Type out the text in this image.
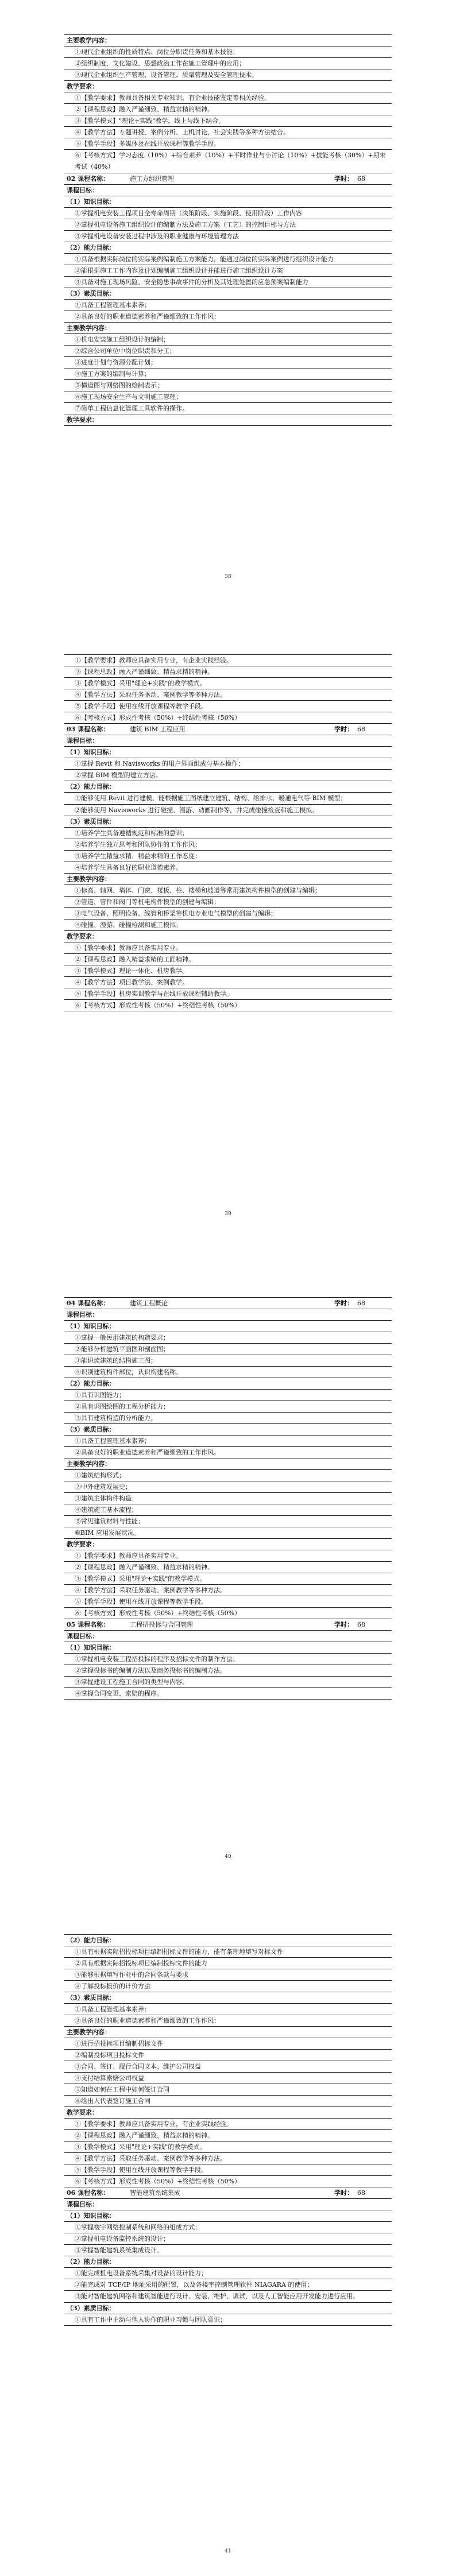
主要教学内容：
①现代企业组织的性质特点、岗位分职责任务和基本技能；
②组织制度、文化建设、思想政治工作在施工管理中的应用；
③现代企业组织生产管理、设备管理、质量管理及安全管理技术。
教学要求：
①【教学要求】教师具备相关专业知识，有企业技能鉴定等相关经验。
②【课程思政】融入严谨细致、精益求精的精神。
③【教学模式】"理论+实践"教学，线上与线下结合。
④【教学方法】专题讲授、案例分析、上机讨论，社会实践等多种方法结合。
⑤【教学手段】多媒体及在线开放课程等教学手段。
⑥【考核方式】学习态度（10%）+综合素养（10%）+平时作业与小讨论（10%）+技能考核（30%）+期末考试（40%）
02 课程名称：	施工方组织管理	学时： 68
课程目标：
（1）知识目标：
①掌握机电安装工程项目全寿命周期（决策阶段、实施阶段、使用阶段）工作内容
②掌握机电设备施工组织设计的编制方法及施工方案（工艺）的控制目标与方法
③掌握机电设备安装过程中涉及的职业健康与环境管理方法
（2）能力目标：
①具备根据实际岗位的实际案例编制施工方案能力，能通过岗位的实际案例进行组织设计能力
②能根据施工工作内容及计划编制施工组织设计并能进行施工组织设计方案
③具备对施工现场风险、安全隐患事故事件的分析及其处理处置的应急预案编制能力
（3）素质目标：
①具备工程管理基本素养；
②具备良好的职业道德素养和严谨细致的工作作风；
主要教学内容：
①机电安装施工组织设计的编制；
②综合公司单位中岗位职责和分工；
③进度计划与资源分配计划；
④施工方案的编制与计算；
⑤横道图与网络图的绘制表示；
⑥施工现场安全生产与文明施工管理；
⑦简单工程信息化管理工具软件的操作。
教学要求：
38
①【教学要求】教师应具备实用专业，有企业实践经验。
②【课程思政】融入严谨细致、精益求精的精神。
③【教学模式】采用"理论+实践"的教学模式。
④【教学方法】采取任务驱动、案例教学等多种方法。
⑤【教学手段】使用在线开放课程等教学手段。
⑥【考核方式】形成性考核（50%）+终结性考核（50%）
03 课程名称：	建筑 BIM 工程应用	学时： 68
课程目标：
（1）知识目标：
①掌握 Revit 和 Navisworks 的用户界面组成与基本操作；
②掌握 BIM 模型的建立方法。
（2）能力目标：
①能够使用 Revit 进行建模，能根据施工图纸建立建筑、结构、给排水、暖通电气等 BIM 模型；
②能够使用 Navisworks 进行碰撞、漫游、动画制作等，并完成碰撞检查和施工模拟。
（3）素质目标：
①培养学生具备遵循规范和标准的意识；
②培养学生独立思考和团队协作的工作作风；
③培养学生精益求精、精益求精的工作态度；
④培养学生具备良好的职业道德素养。
主要教学内容：
①标高、轴网、墙体、门窗、楼板、柱、楼梯和坡道等常用建筑构件模型的创建与编辑；
②管道、管件和阀门等机电构件模型的创建与编辑；
③电气设备、照明设备、线管和桥架等机电专业电气模型的创建与编辑；
④碰撞、漫游、碰撞检测和施工模拟。
教学要求：
①【教学要求】教师应具备实用专业。
②【课程思政】融入精益求精的工匠精神。
③【教学模式】理论一体化、机房教学。
④【教学方法】项目教学法、案例教学。
⑤【教学手段】机房实训教学与在线开放课程辅助教学。
⑥【考核方式】形成性考核（50%）+终结性考核（50%）
39
04 课程名称：	建筑工程概论	学时： 68
课程目标：
（1）知识目标：
①掌握一般民用建筑的构造要求；
②能够分析建筑平面图和剖面图；
③能识读建筑的结构施工图；
④识别建筑构件部位，认识构建名称。
（2）能力目标：
①具有识图能力；
②具有识图绘图的工程分析能力；
③具有建筑构造的分析能力。
（3）素质目标：
①具备工程管理基本素养；
②具备良好的职业道德素养和严谨细致的工作作风。
主要教学内容：
①建筑结构形式；
②中外建筑发展史；
③建筑主体构件构造；
④建筑施工基本流程；
⑤常见建筑材料与性能；
⑥BIM 应用发展状况。
教学要求：
①【教学要求】教师应具备实用专业。
②【课程思政】融入严谨细致、精益求精的精神。
③【教学模式】采用"理论+实践"的教学模式。
④【教学方法】采取任务驱动、案例教学等多种方法。
⑤【教学手段】使用在线开放课程等教学手段。
⑥【考核方式】形成性考核（50%）+终结性考核（50%）
05 课程名称：	工程招投标与合同管理	学时： 68
课程目标：
（1）知识目标：
①掌握机电安装工程招投标的程序及招标文件的制作方法。
②掌握投标书的编制方法以及商务投标书的编制方法。
③掌握建设工程施工合同的类型与内容。
④掌握合同变更、索赔的程序。
40
（2）能力目标：
①具有根据实际招投标项目编制招标文件的能力，能有条理地填写对标文件
②具有根据实际招投标项目编制投标文件的能力
③能够根据填写作业中的合同条款与要求
④了解投标报价的计价方法
（3）素质目标：
①具备工程管理基本素养；
②具备良好的职业道德素养和严谨细致的工作作风；
主要教学内容：
①进行招投标项目编制招标文件
②编制投标项目投标文件
③合同、签订、履行合同文本、维护公司权益
④支付结算索赔公司权益
⑤知道如何在工程中如何签订合同
⑥给出人代表签订施工合同
教学要求：
①【教学要求】教师应具备实用专业，有企业实践经验。
②【课程思政】融入严谨细致、精益求精的精神。
③【教学模式】采用"理论+实践"的教学模式。
④【教学方法】采取任务驱动、案例教学等多种方法。
⑤【教学手段】使用在线开放课程等教学手段。
⑥【考核方式】形成性考核（50%）+终结性考核（50%）
06 课程名称：	智能建筑系统集成	学时： 68
课程目标：
（1）知识目标：
①掌握楼宇网络控制系统和网络的组成方式；
②掌握机电设备监控系统的设计；
③掌握智能建筑系统集成设计。
（2）能力目标：
①能完成机电设备系统采集对设备的设计能力；
②能完成对 TCP/IP 地址采用的配置，以及各楼宇控制管理软件 NIAGARA 的使用；
③能对智能建筑网络和建筑智能进行设计、安装、维护、调试，以及人工智能应用开发能力进行应用。
（3）素质目标：
①具有工作中主动与他人协作的职业习惯与团队意识；
41
